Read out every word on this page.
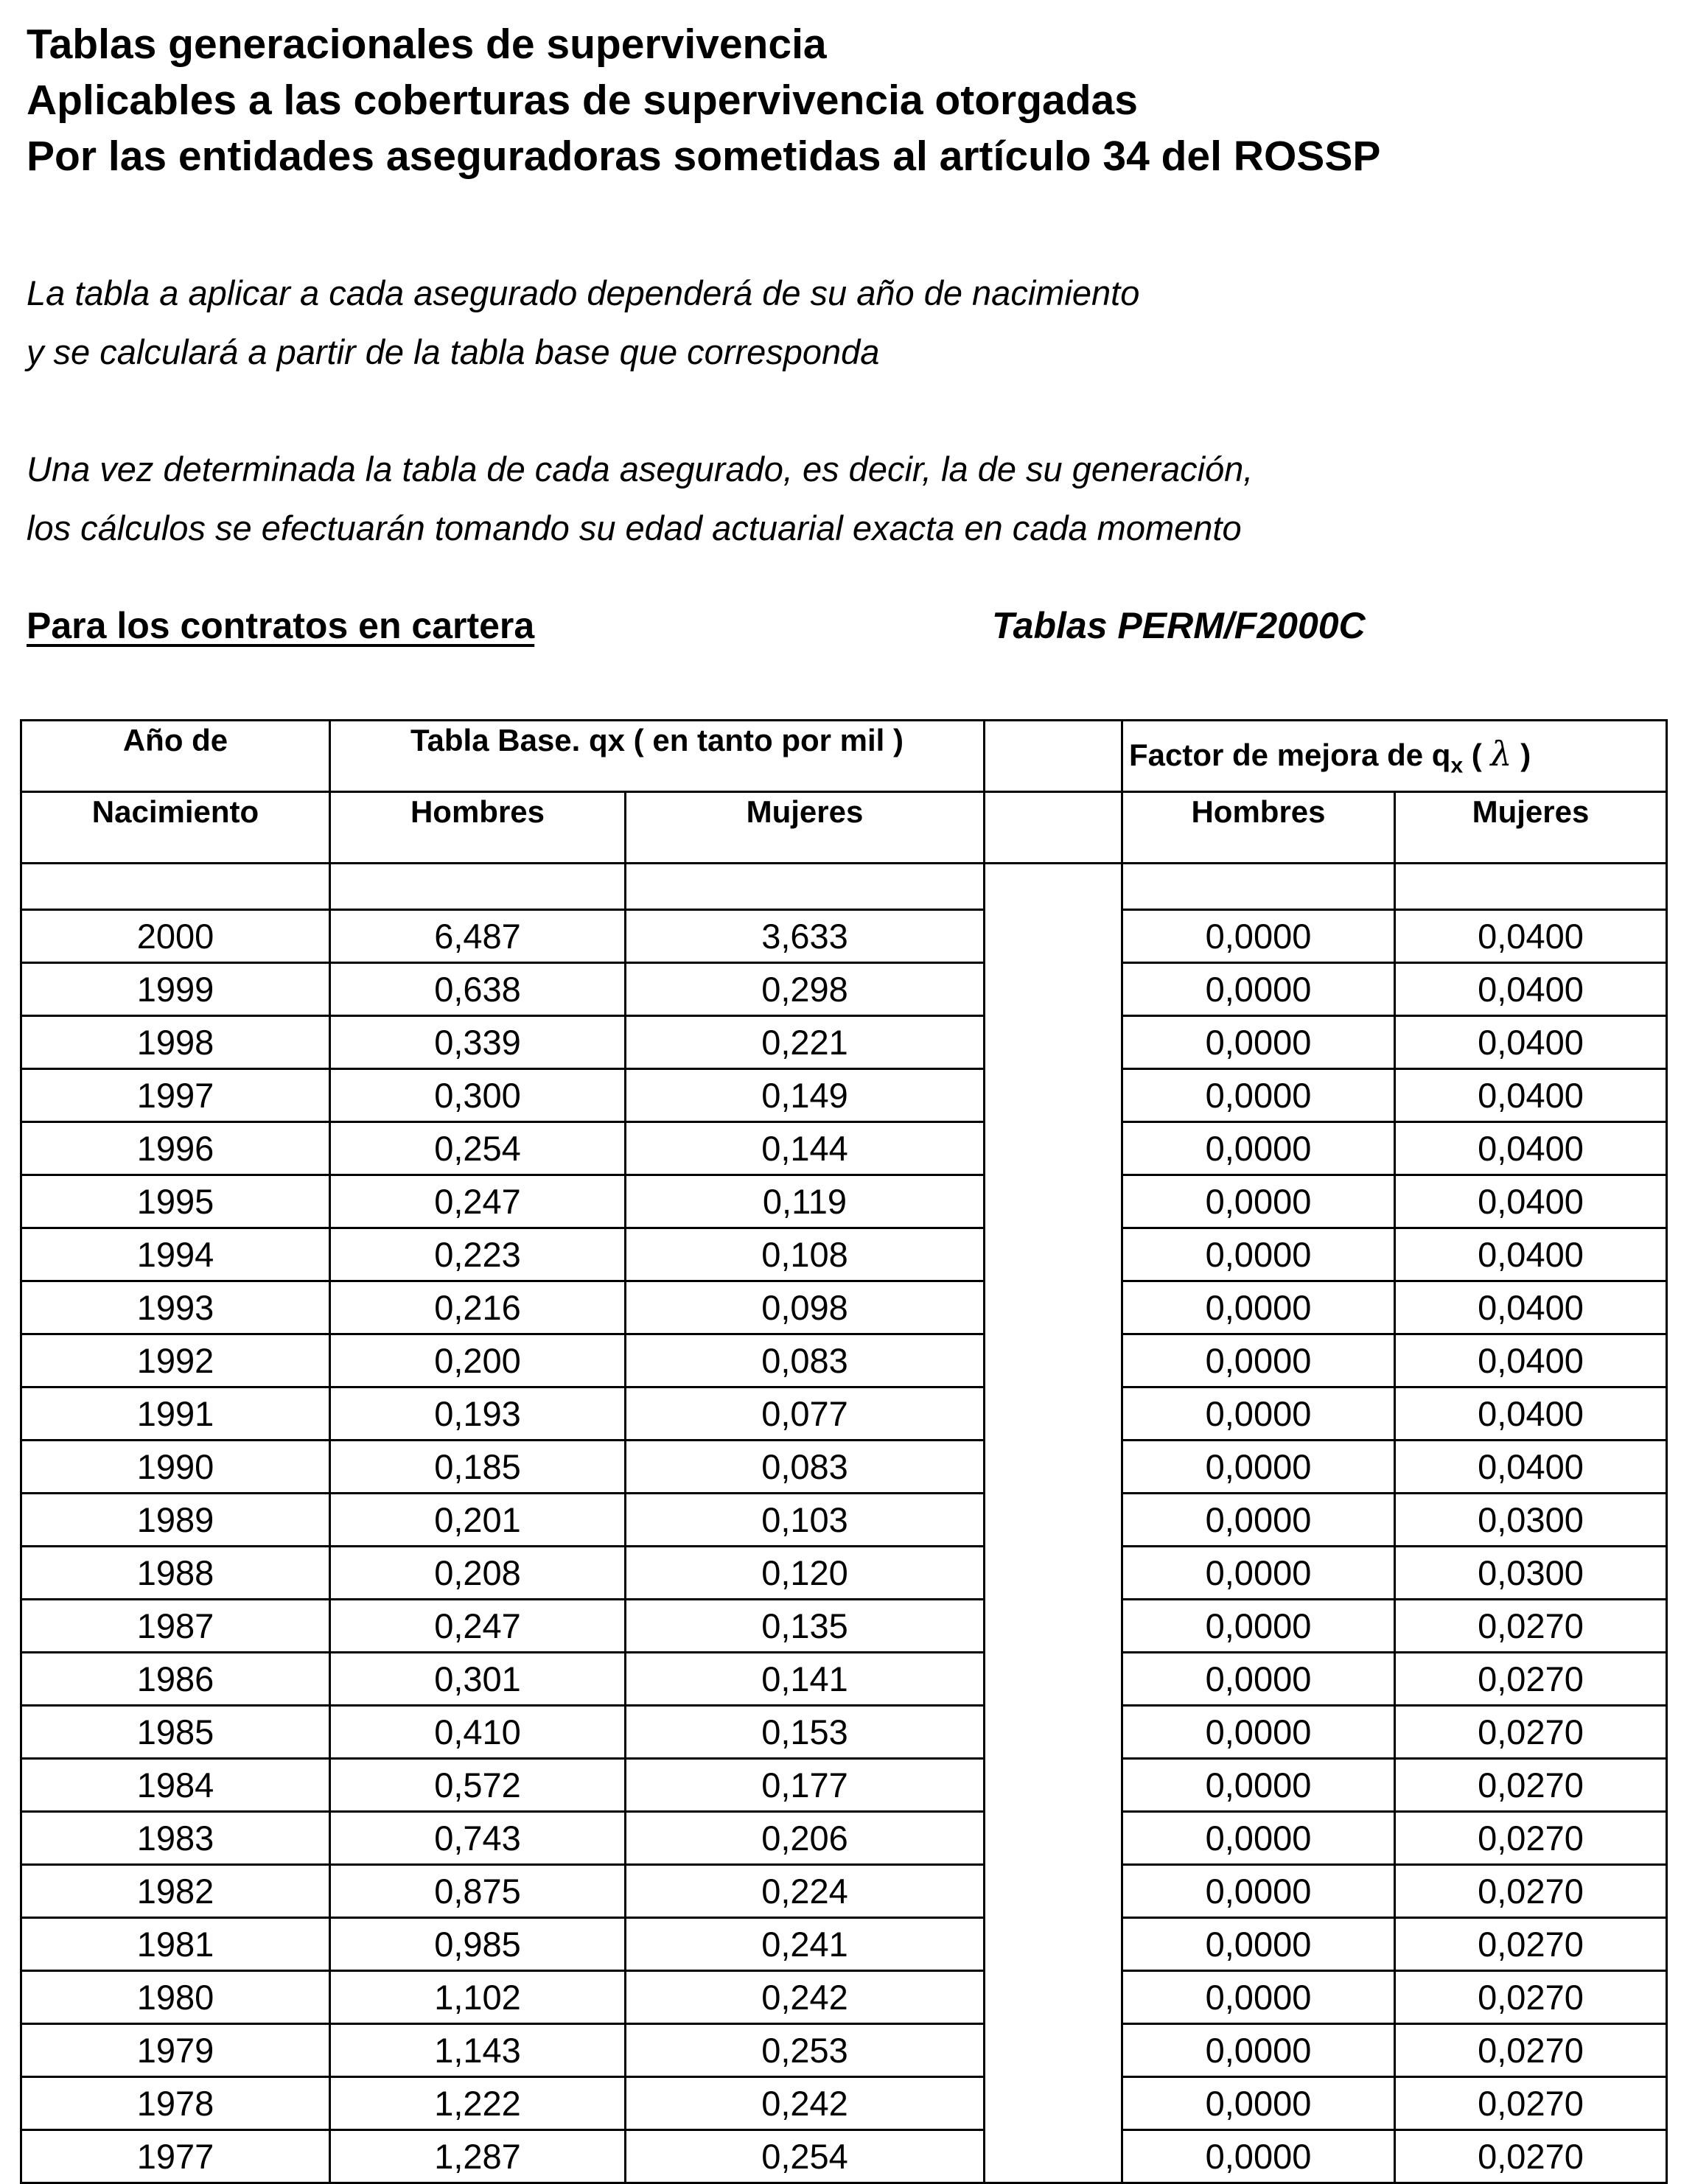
Tablas generacionales de supervivencia
Aplicables a las coberturas de supervivencia otorgadas
Por las entidades aseguradoras sometidas al artículo 34 del ROSSP
La tabla a aplicar a cada asegurado dependerá de su año de nacimiento
y se calculará a partir de la tabla base que corresponda
Una vez determinada la tabla de cada asegurado, es decir, la de su generación,
los cálculos se efectuarán tomando su edad actuarial exacta en cada momento
Para los contratos en cartera	Tablas PERM/F2000C
Año de	Tabla Base. qx ( en tanto por mil )			Factor de mejora de $q_x$ ( λ )	
Nacimiento	Hombres	Mujeres		Hombres	Mujeres

2000	6,487	3,633		0,0000	0,0400
1999	0,638	0,298		0,0000	0,0400
1998	0,339	0,221		0,0000	0,0400
1997	0,300	0,149		0,0000	0,0400
1996	0,254	0,144		0,0000	0,0400
1995	0,247	0,119		0,0000	0,0400
1994	0,223	0,108		0,0000	0,0400
1993	0,216	0,098		0,0000	0,0400
1992	0,200	0,083		0,0000	0,0400
1991	0,193	0,077		0,0000	0,0400
1990	0,185	0,083		0,0000	0,0400
1989	0,201	0,103		0,0000	0,0300
1988	0,208	0,120		0,0000	0,0300
1987	0,247	0,135		0,0000	0,0270
1986	0,301	0,141		0,0000	0,0270
1985	0,410	0,153		0,0000	0,0270
1984	0,572	0,177		0,0000	0,0270
1983	0,743	0,206		0,0000	0,0270
1982	0,875	0,224		0,0000	0,0270
1981	0,985	0,241		0,0000	0,0270
1980	1,102	0,242		0,0000	0,0270
1979	1,143	0,253		0,0000	0,0270
1978	1,222	0,242		0,0000	0,0270
1977	1,287	0,254		0,0000	0,0270
